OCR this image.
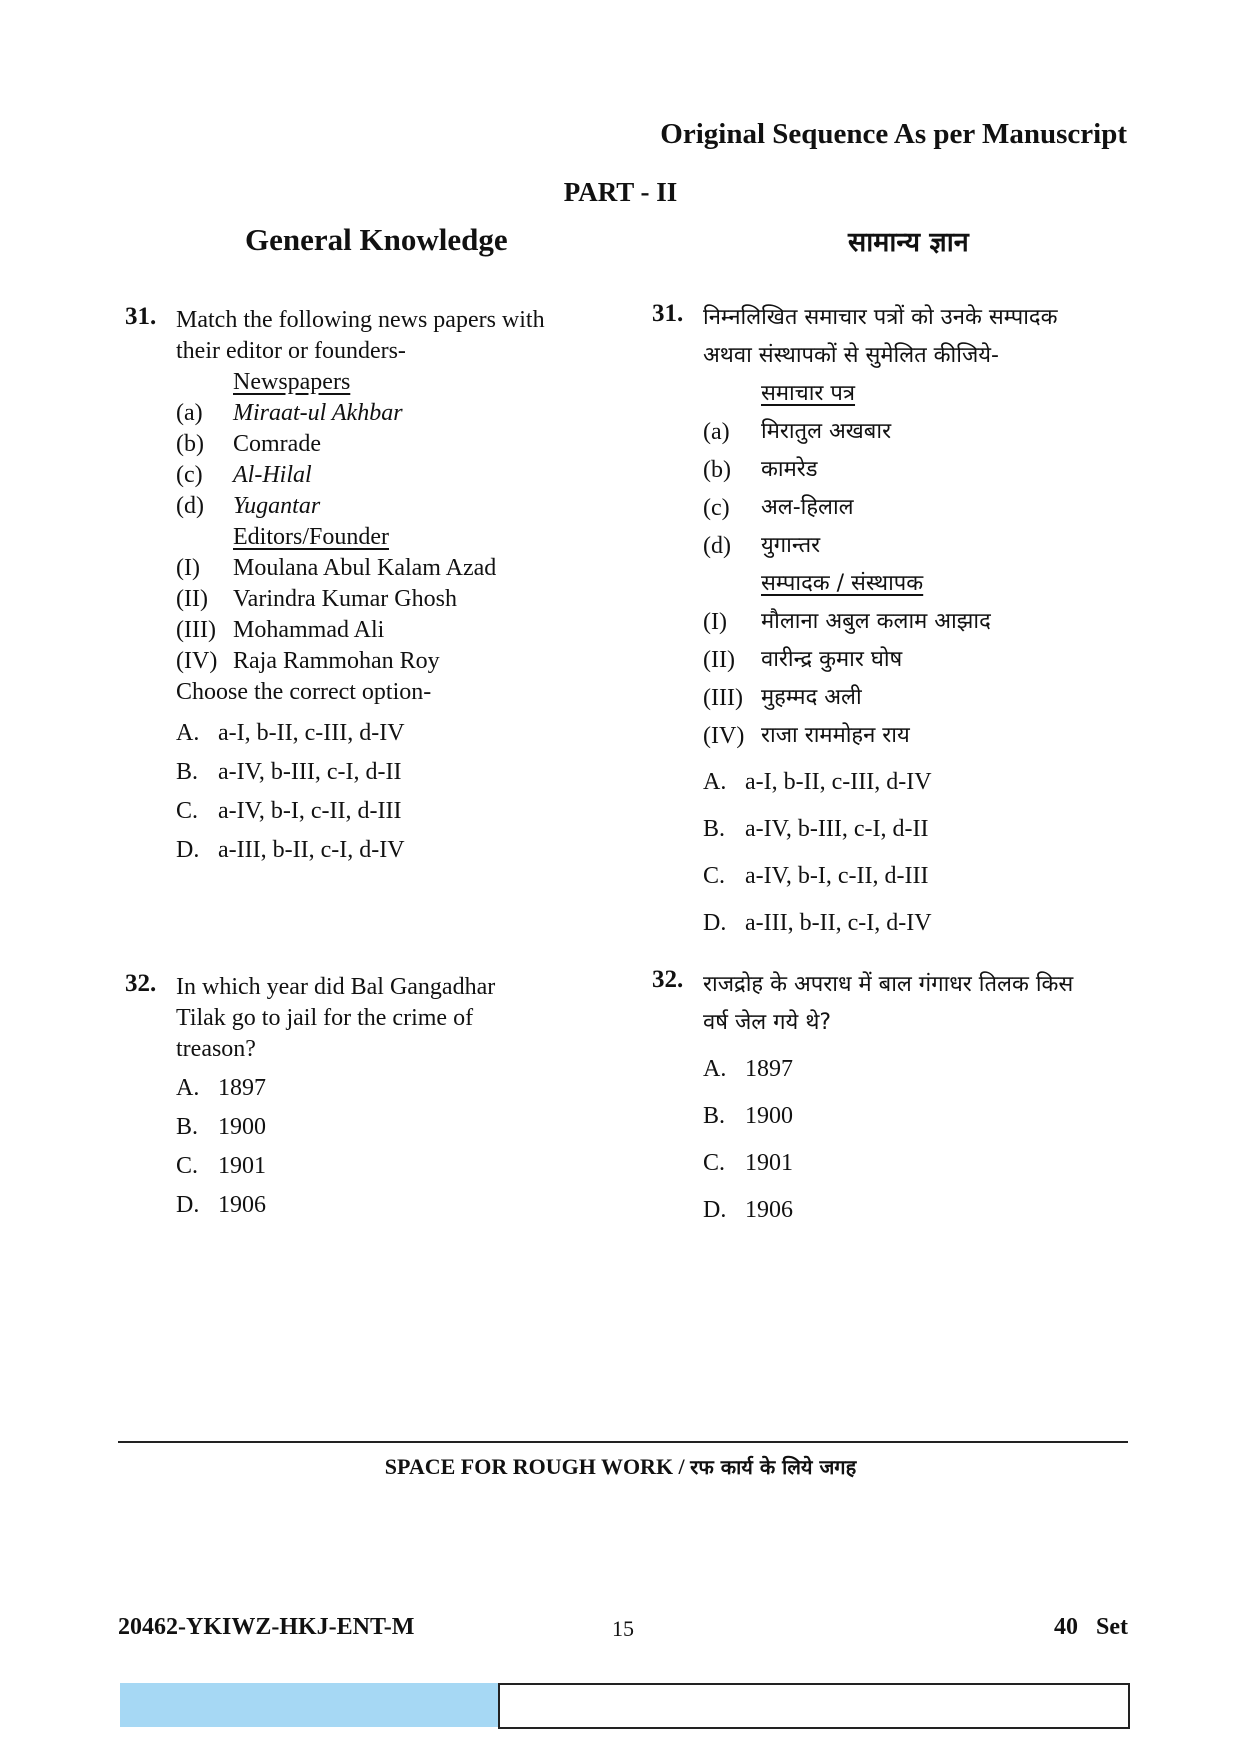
Original Sequence As per Manuscript
PART - II
General Knowledge	सामान्य ज्ञान
31. Match the following news papers with
their editor or founders-
Newspapers
(a)	Miraat-ul Akhbar
(b)	Comrade
(c)	Al-Hilal
(d)	Yugantar
Editors/Founder
(I)	Moulana Abul Kalam Azad
(II)	Varindra Kumar Ghosh
(III) Mohammad Ali
(IV) Raja Rammohan Roy
Choose the correct option-
A. a-I, b-II, c-III, d-IV
B. a-IV, b-III, c-I, d-II
C. a-IV, b-I, c-II, d-III
D. a-III, b-II, c-I, d-IV
31. निम्नलिखित समाचार पत्रों को उनके सम्पादक
अथवा संस्थापकों से सुमेलित कीजिये-
समाचार पत्र
(a)	मिरातुल अखबार
(b)	कामरेड
(c)	अल-हिलाल
(d)	युगान्तर
सम्पादक / संस्थापक
(I)	मौलाना अबुल कलाम आझाद
(II)	वारीन्द्र कुमार घोष
(III) मुहम्मद अली
(IV) राजा राममोहन राय
A. a-I, b-II, c-III, d-IV
B. a-IV, b-III, c-I, d-II
C. a-IV, b-I, c-II, d-III
D. a-III, b-II, c-I, d-IV
32. In which year did Bal Gangadhar
Tilak go to jail for the crime of
treason?
A. 1897
B. 1900
C. 1901
D. 1906
32. राजद्रोह के अपराध में बाल गंगाधर तिलक किस
वर्ष जेल गये थे?
A. 1897
B. 1900
C. 1901
D. 1906
SPACE FOR ROUGH WORK / रफ कार्य के लिये जगह
20462-YKIWZ-HKJ-ENT-M	15	40   Set
